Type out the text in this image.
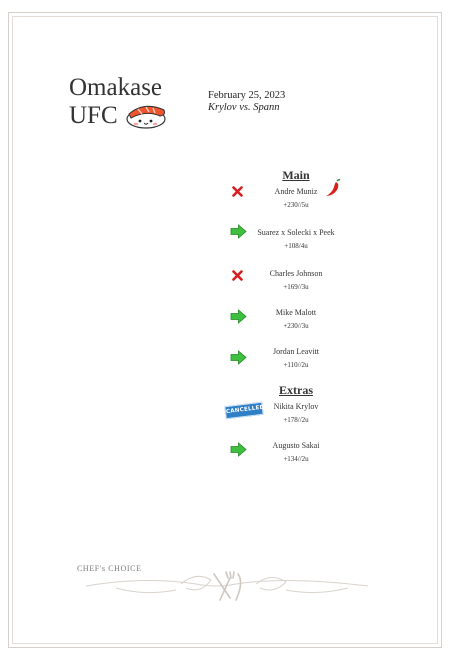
Omakase
UFC
February 25, 2023
Krylov vs. Spann
Main
Andre Muniz
+230//5u
Suarez x Solecki x Peek
+108/4u
Charles Johnson
+169//3u
Mike Malott
+230//3u
Jordan Leavitt
+110//2u
Extras
CANCELLED	Nikita Krylov
+178//2u
Augusto Sakai
+134//2u
CHEF's CHOICE
